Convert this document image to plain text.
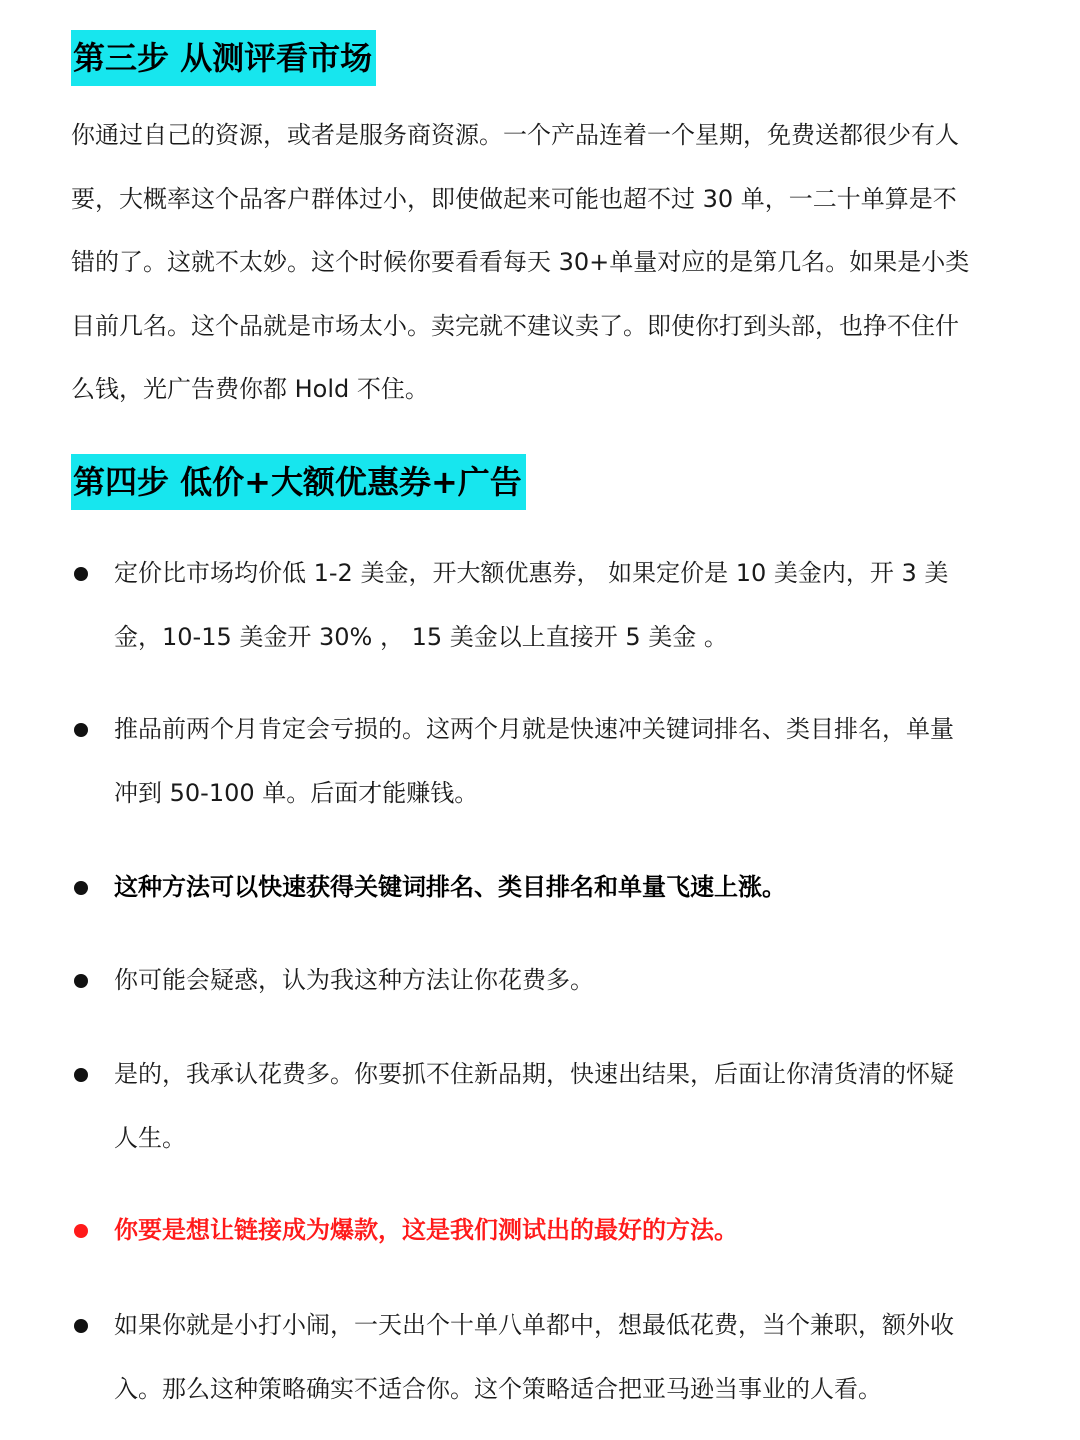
第三步 从测评看市场

你通过自己的资源，或者是服务商资源。一个产品连着一个星期，免费送都很少有人要，大概率这个品客户群体过小，即使做起来可能也超不过 30 单，一二十单算是不错的了。这就不太妙。这个时候你要看看每天 30+单量对应的是第几名。如果是小类目前几名。这个品就是市场太小。卖完就不建议卖了。即使你打到头部，也挣不住什么钱，光广告费你都 Hold 不住。

第四步 低价+大额优惠券+广告

定价比市场均价低 1-2 美金，开大额优惠券， 如果定价是 10 美金内，开 3 美金，10-15 美金开 30% ， 15 美金以上直接开 5 美金 。

推品前两个月肯定会亏损的。这两个月就是快速冲关键词排名、类目排名，单量冲到 50-100 单。后面才能赚钱。

这种方法可以快速获得关键词排名、类目排名和单量飞速上涨。

你可能会疑惑，认为我这种方法让你花费多。

是的，我承认花费多。你要抓不住新品期，快速出结果，后面让你清货清的怀疑人生。

你要是想让链接成为爆款，这是我们测试出的最好的方法。

如果你就是小打小闹，一天出个十单八单都中，想最低花费，当个兼职，额外收入。那么这种策略确实不适合你。这个策略适合把亚马逊当事业的人看。
